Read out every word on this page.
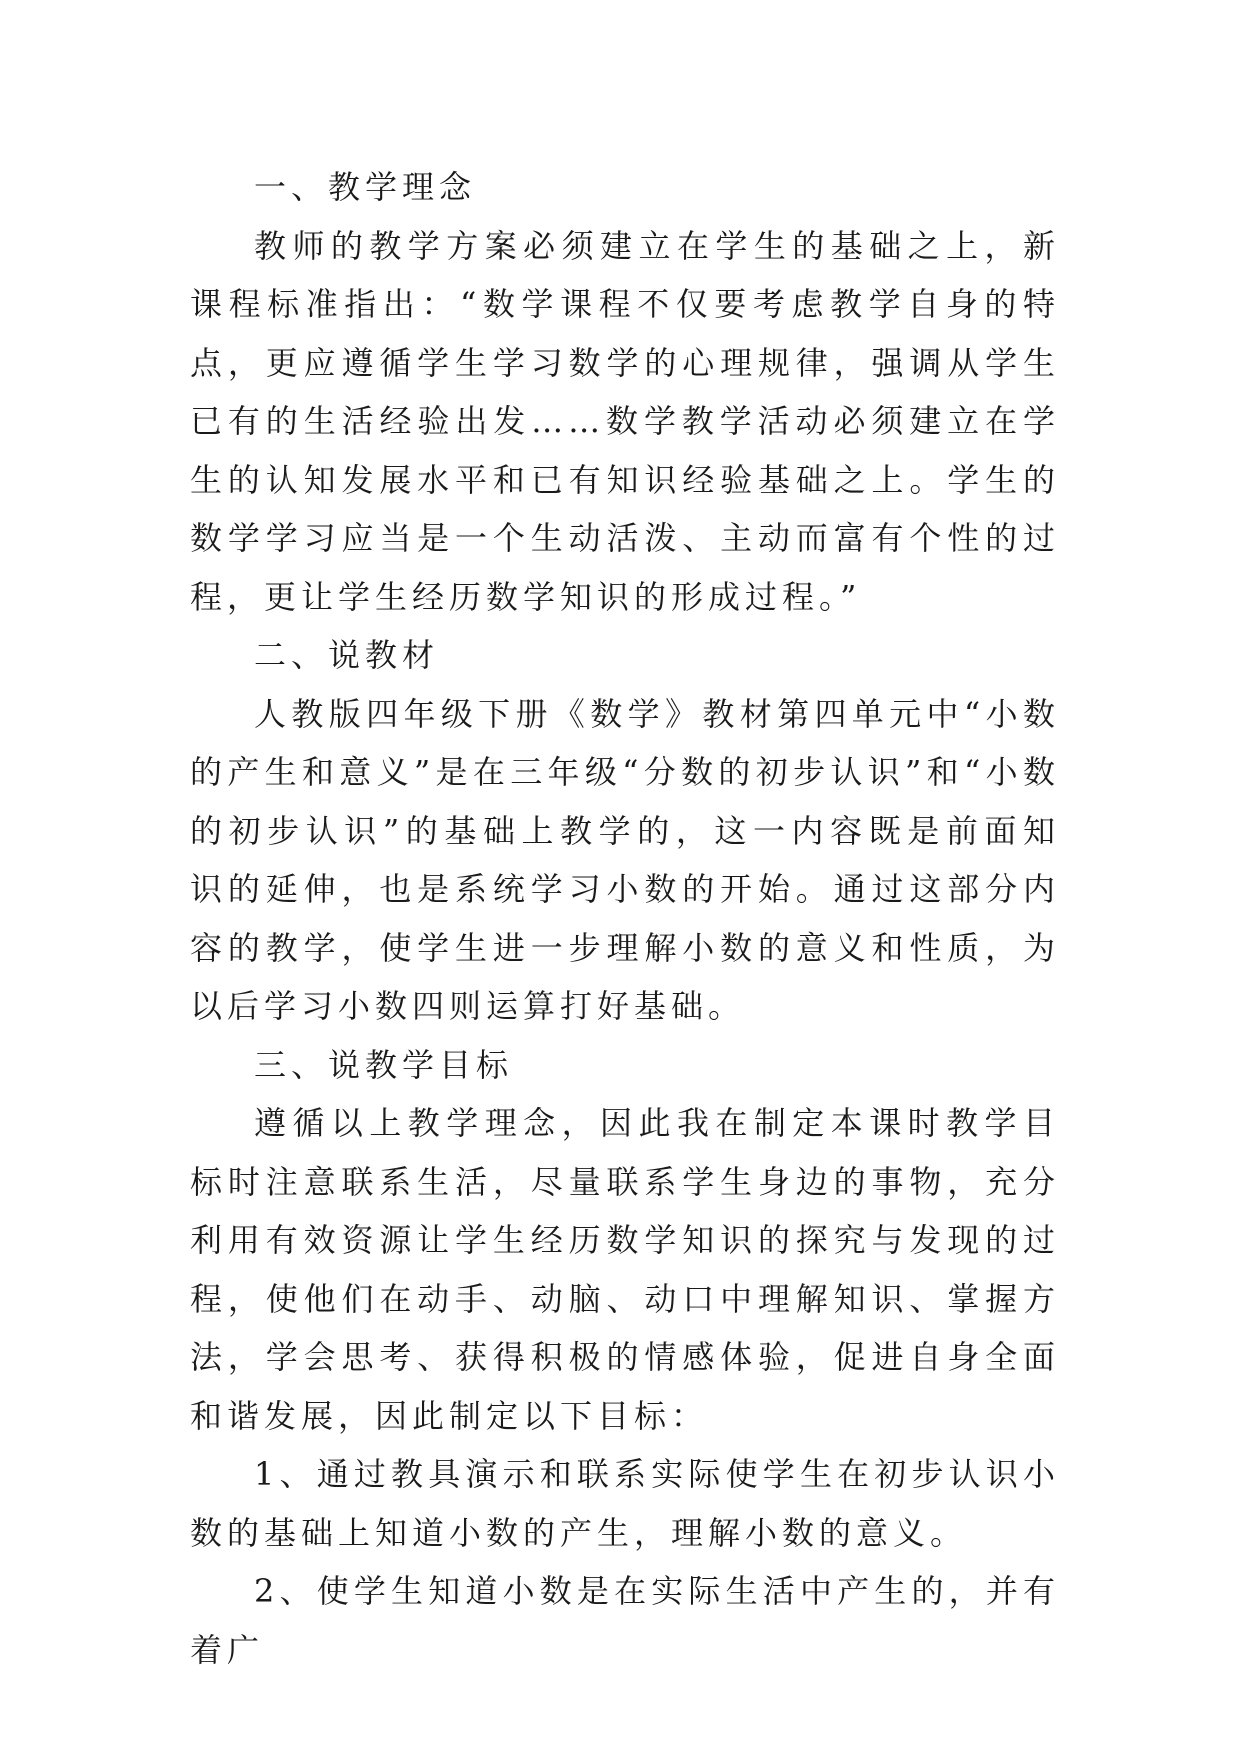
一、教学理念

教师的教学方案必须建立在学生的基础之上，新课程标准指出：“数学课程不仅要考虑教学自身的特点，更应遵循学生学习数学的心理规律，强调从学生已有的生活经验出发……数学教学活动必须建立在学生的认知发展水平和已有知识经验基础之上。学生的数学学习应当是一个生动活泼、主动而富有个性的过程，更让学生经历数学知识的形成过程。”

二、说教材

人教版四年级下册《数学》教材第四单元中“小数的产生和意义”是在三年级“分数的初步认识”和“小数的初步认识”的基础上教学的，这一内容既是前面知识的延伸，也是系统学习小数的开始。通过这部分内容的教学，使学生进一步理解小数的意义和性质，为以后学习小数四则运算打好基础。

三、说教学目标

遵循以上教学理念，因此我在制定本课时教学目标时注意联系生活，尽量联系学生身边的事物，充分利用有效资源让学生经历数学知识的探究与发现的过程，使他们在动手、动脑、动口中理解知识、掌握方法，学会思考、获得积极的情感体验，促进自身全面和谐发展，因此制定以下目标：

1、通过教具演示和联系实际使学生在初步认识小数的基础上知道小数的产生，理解小数的意义。

2、使学生知道小数是在实际生活中产生的，并有着广
